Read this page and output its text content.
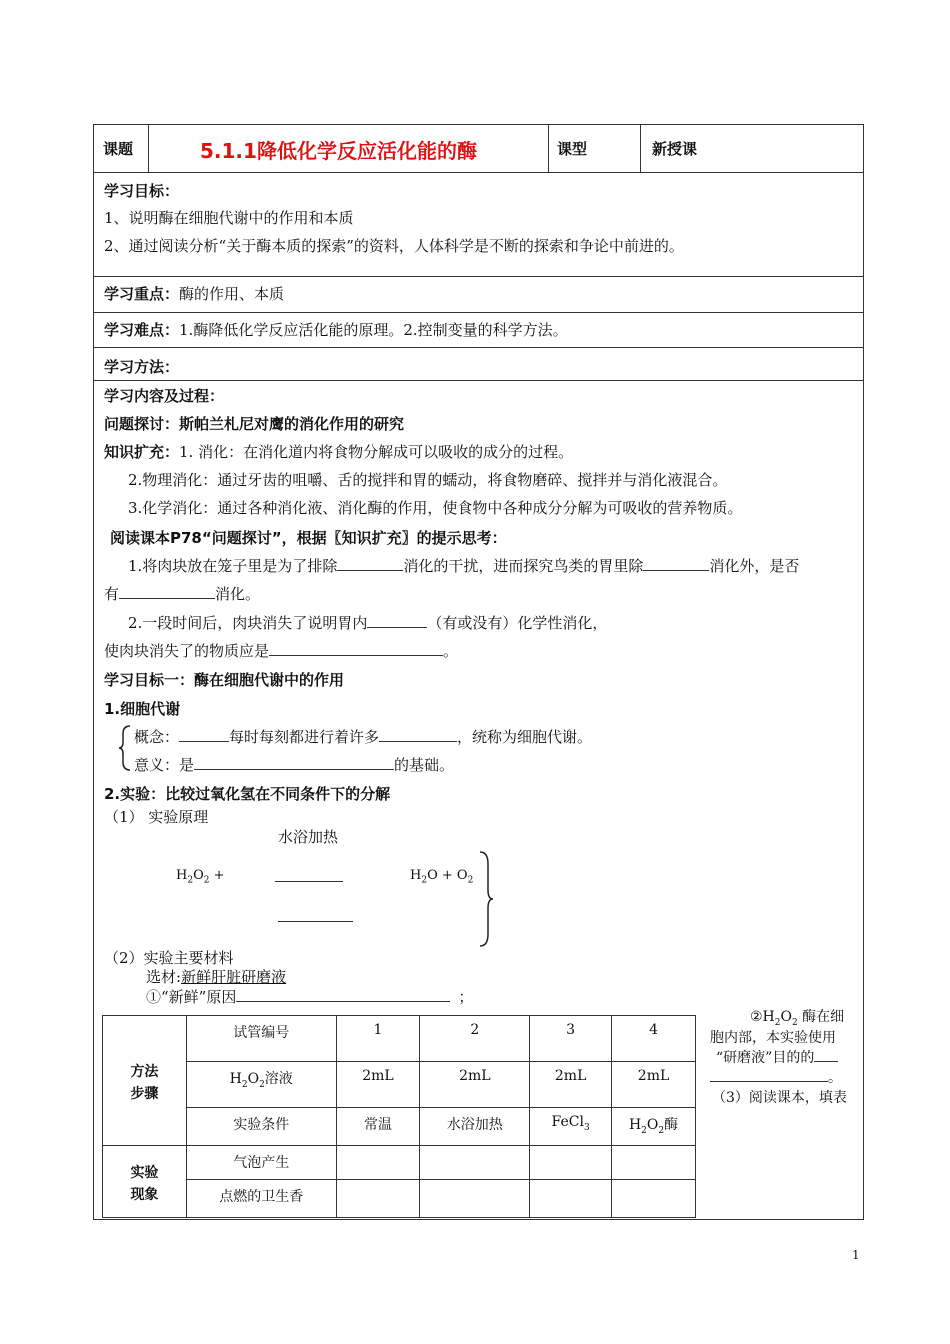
课题	5.1.1降低化学反应活化能的酶	课型	新授课
学习目标：
1、说明酶在细胞代谢中的作用和本质
2、通过阅读分析“关于酶本质的探索”的资料，人体科学是不断的探索和争论中前进的。
学习重点：酶的作用、本质
学习难点：1.酶降低化学反应活化能的原理。2.控制变量的科学方法。
学习方法：
学习内容及过程：
问题探讨：斯帕兰札尼对鹰的消化作用的研究
知识扩充：1. 消化：在消化道内将食物分解成可以吸收的成分的过程。
2.物理消化：通过牙齿的咀嚼、舌的搅拌和胃的蠕动，将食物磨碎、搅拌并与消化液混合。
3.化学消化：通过各种消化液、消化酶的作用，使食物中各种成分分解为可吸收的营养物质。
阅读课本P78“问题探讨”，根据〖知识扩充〗的提示思考：
1.将肉块放在笼子里是为了排除	消化的干扰，进而探究鸟类的胃里除	消化外，是否
有	消化。
2.一段时间后，肉块消失了说明胃内	（有或没有）化学性消化，
使肉块消失了的物质应是	。
学习目标一：酶在细胞代谢中的作用
1.细胞代谢
概念：	每时每刻都进行着许多	，统称为细胞代谢。
意义：是	的基础。
2.实验：比较过氧化氢在不同条件下的分解
（1） 实验原理
水浴加热
$H_2O_2$ +	$H_2O + O_2$
（2）实验主要材料
选材:新鲜肝脏研磨液
①“新鲜”原因	；
$②H_2O_2$ 酶在细
胞内部，本实验使用
“研磨液”目的的
。
（3）阅读课本，填表
方法步骤	试管编号	1	2	3	4
	$H_2O_2$溶液	2mL	2mL	2mL	2mL
	实验条件	常温	水浴加热	FeCl$_3$	$H_2O_2$酶

实验现象	气泡产生				
	点燃的卫生香				
1
